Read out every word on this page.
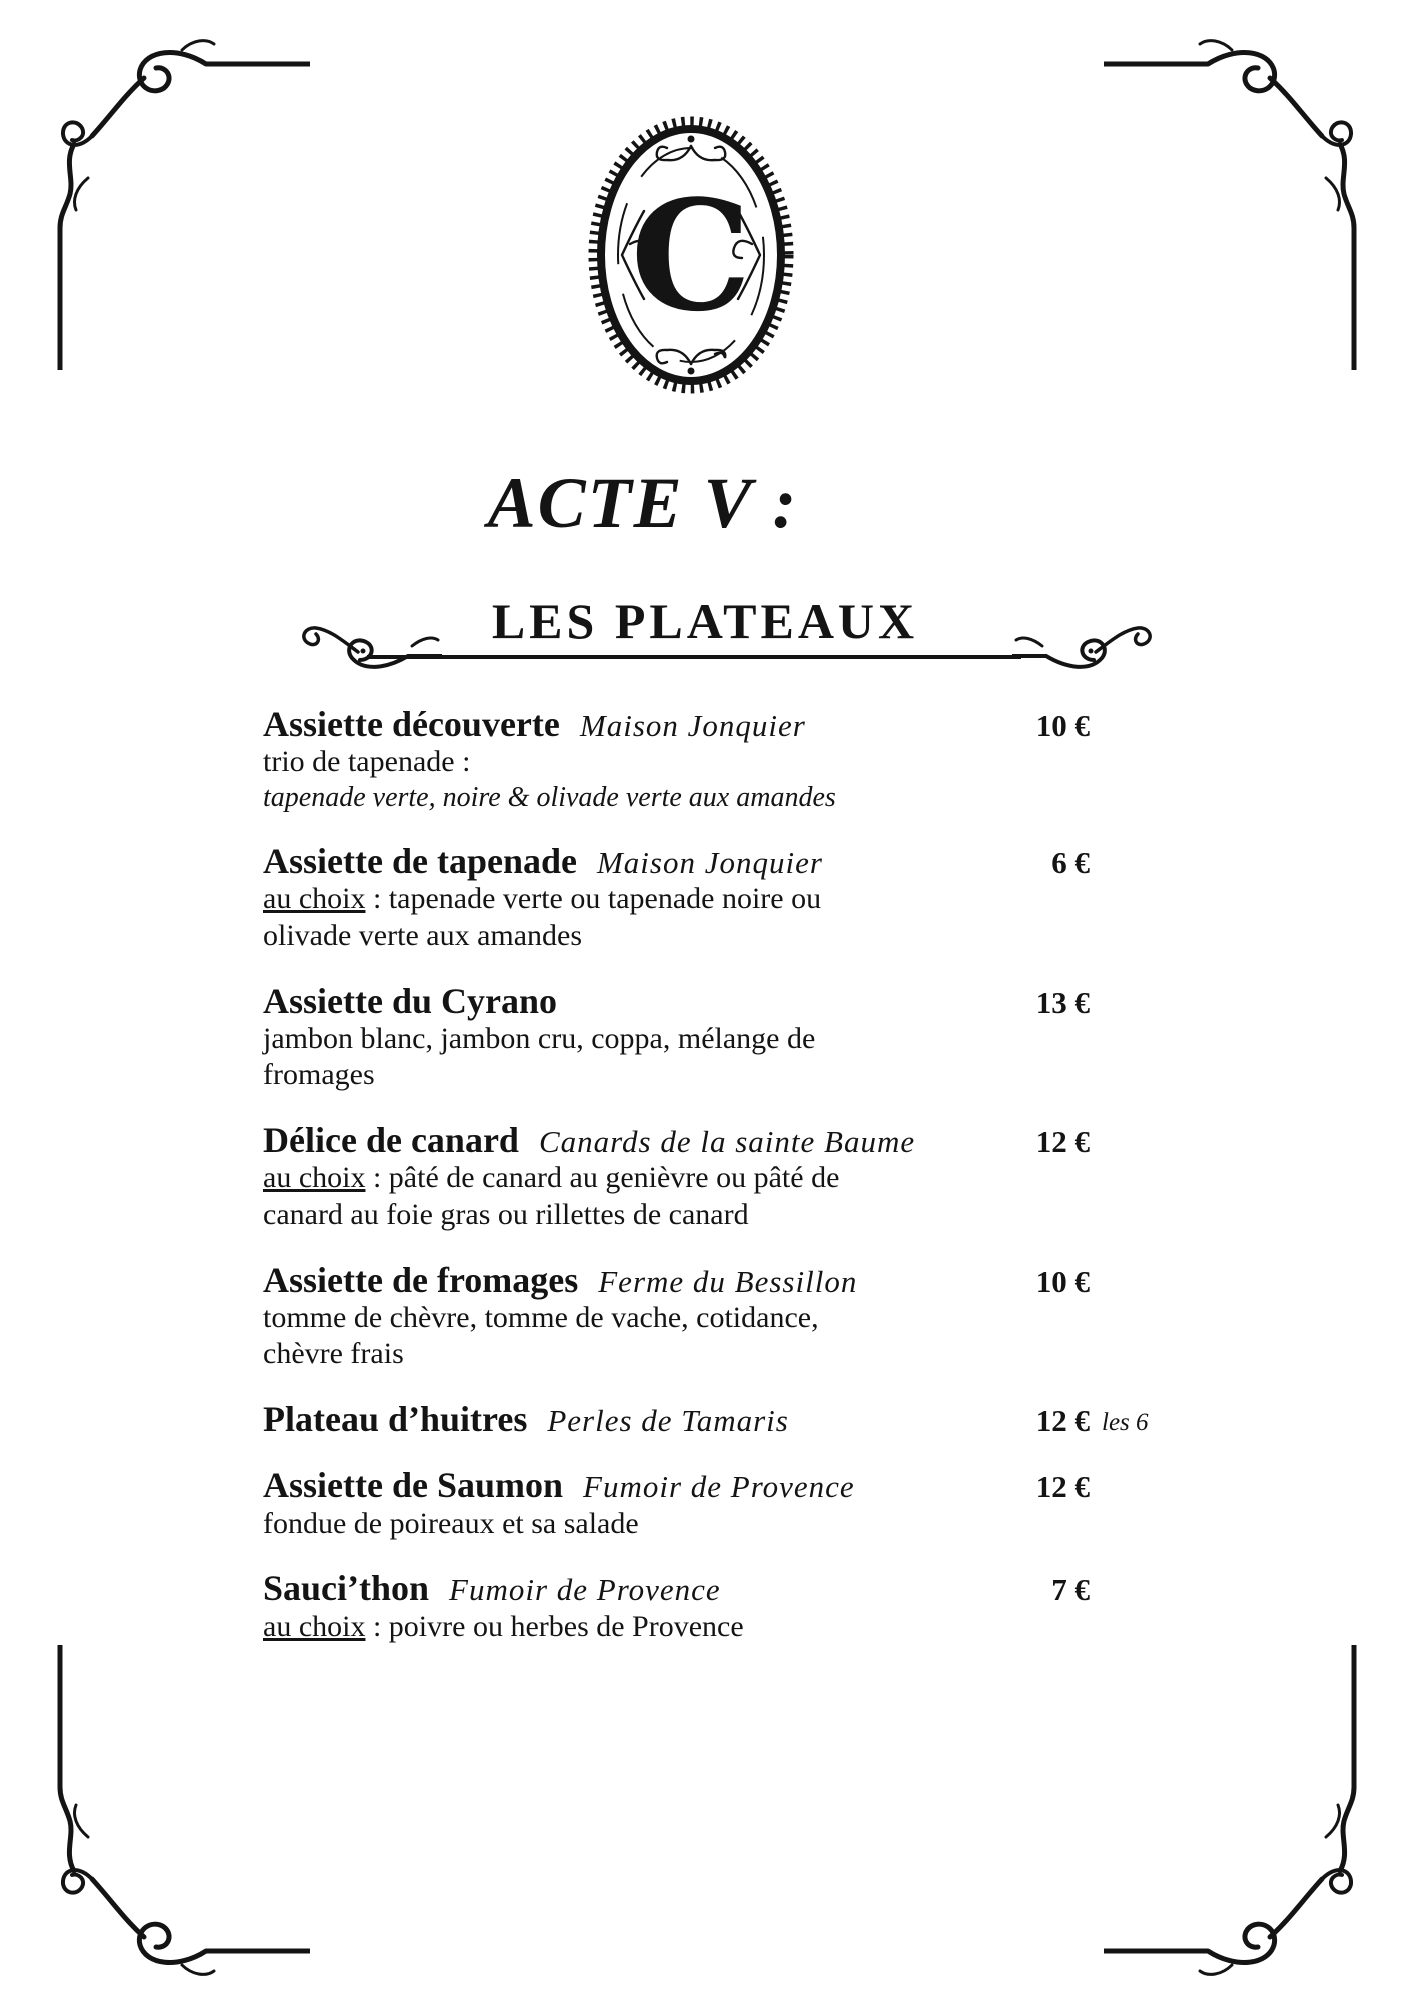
C
ACTE V :
LES PLATEAUX
Assiette découverte Maison Jonquier	10 €
trio de tapenade :
tapenade verte, noire & olivade verte aux amandes
Assiette de tapenade Maison Jonquier	6 €
au choix : tapenade verte ou tapenade noire ou
olivade verte aux amandes
Assiette du Cyrano	13 €
jambon blanc, jambon cru, coppa, mélange de
fromages
Délice de canard Canards de la sainte Baume	12 €
au choix : pâté de canard au genièvre ou pâté de
canard au foie gras ou rillettes de canard
Assiette de fromages Ferme du Bessillon	10 €
tomme de chèvre, tomme de vache, cotidance,
chèvre frais
Plateau d’huitres Perles de Tamaris	12 € les 6
Assiette de Saumon Fumoir de Provence	12 €
fondue de poireaux et sa salade
Sauci’thon Fumoir de Provence	7 €
au choix : poivre ou herbes de Provence
